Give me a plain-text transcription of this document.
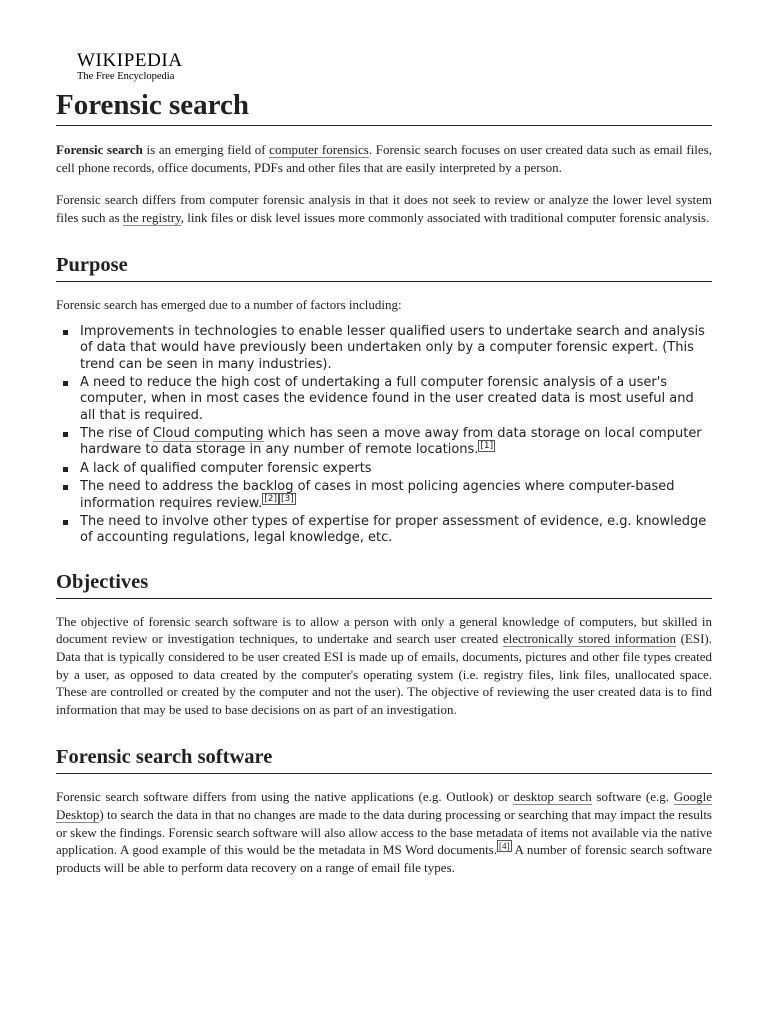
WIKIPEDIA
The Free Encyclopedia
Forensic search

Forensic search is an emerging field of computer forensics. Forensic search focuses on user created data such as email files, cell phone records, office documents, PDFs and other files that are easily interpreted by a person.

Forensic search differs from computer forensic analysis in that it does not seek to review or analyze the lower level system files such as the registry, link files or disk level issues more commonly associated with traditional computer forensic analysis.

Purpose

Forensic search has emerged due to a number of factors including:

Improvements in technologies to enable lesser qualified users to undertake search and analysis of data that would have previously been undertaken only by a computer forensic expert. (This trend can be seen in many industries).
A need to reduce the high cost of undertaking a full computer forensic analysis of a user's computer, when in most cases the evidence found in the user created data is most useful and all that is required.
The rise of Cloud computing which has seen a move away from data storage on local computer hardware to data storage in any number of remote locations. [1]
A lack of qualified computer forensic experts
The need to address the backlog of cases in most policing agencies where computer-based information requires review. [2] [3]
The need to involve other types of expertise for proper assessment of evidence, e.g. knowledge of accounting regulations, legal knowledge, etc.
Objectives

The objective of forensic search software is to allow a person with only a general knowledge of computers, but skilled in document review or investigation techniques, to undertake and search user created electronically stored information (ESI). Data that is typically considered to be user created ESI is made up of emails, documents, pictures and other file types created by a user, as opposed to data created by the computer's operating system (i.e. registry files, link files, unallocated space. These are controlled or created by the computer and not the user). The objective of reviewing the user created data is to find information that may be used to base decisions on as part of an investigation.

Forensic search software

Forensic search software differs from using the native applications (e.g. Outlook) or desktop search software (e.g. Google Desktop) to search the data in that no changes are made to the data during processing or searching that may impact the results or skew the findings. Forensic search software will also allow access to the base metadata of items not available via the native application. A good example of this would be the metadata in MS Word documents. [4] A number of forensic search software products will be able to perform data recovery on a range of email file types.
